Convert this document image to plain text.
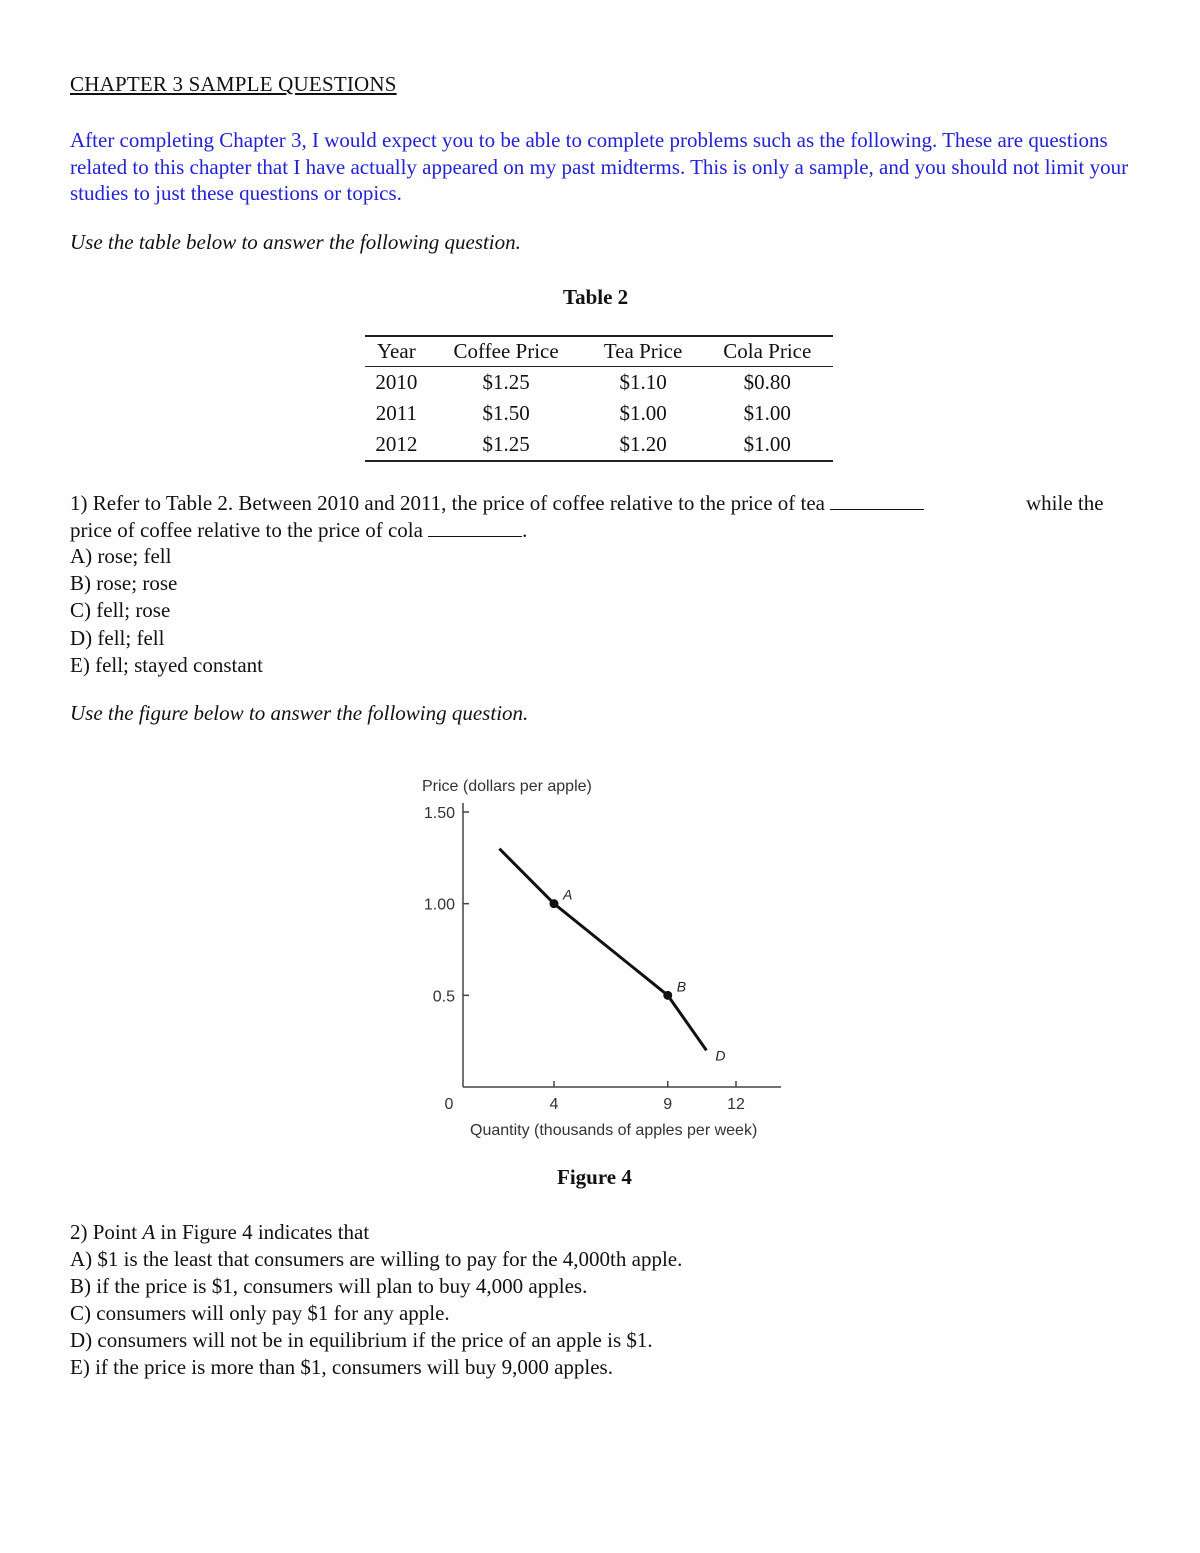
CHAPTER 3 SAMPLE QUESTIONS

After completing Chapter 3, I would expect you to be able to complete problems such as the following. These are questions related to this chapter that I have actually appeared on my past midterms. This is only a sample, and you should not limit your studies to just these questions or topics.

Use the table below to answer the following question.

Table 2

Year	Coffee Price	Tea Price	Cola Price
2010	$1.25	$1.10	$0.80
2011	$1.50	$1.00	$1.00
2012	$1.25	$1.20	$1.00

1) Refer to Table 2. Between 2010 and 2011, the price of coffee relative to the price of tea	while the

price of coffee relative to the price of cola	.

A) rose; fell

B) rose; rose

C) fell; rose

D) fell; fell

E) fell; stayed constant

Use the figure below to answer the following question.

Price (dollars per apple)
Quantity (thousands of apples per week)
1.50
1.00
0.5
0	4	9	12
A
B
D

Figure 4

2) Point A in Figure 4 indicates that

A) $1 is the least that consumers are willing to pay for the 4,000th apple.

B) if the price is $1, consumers will plan to buy 4,000 apples.

C) consumers will only pay $1 for any apple.

D) consumers will not be in equilibrium if the price of an apple is $1.

E) if the price is more than $1, consumers will buy 9,000 apples.
